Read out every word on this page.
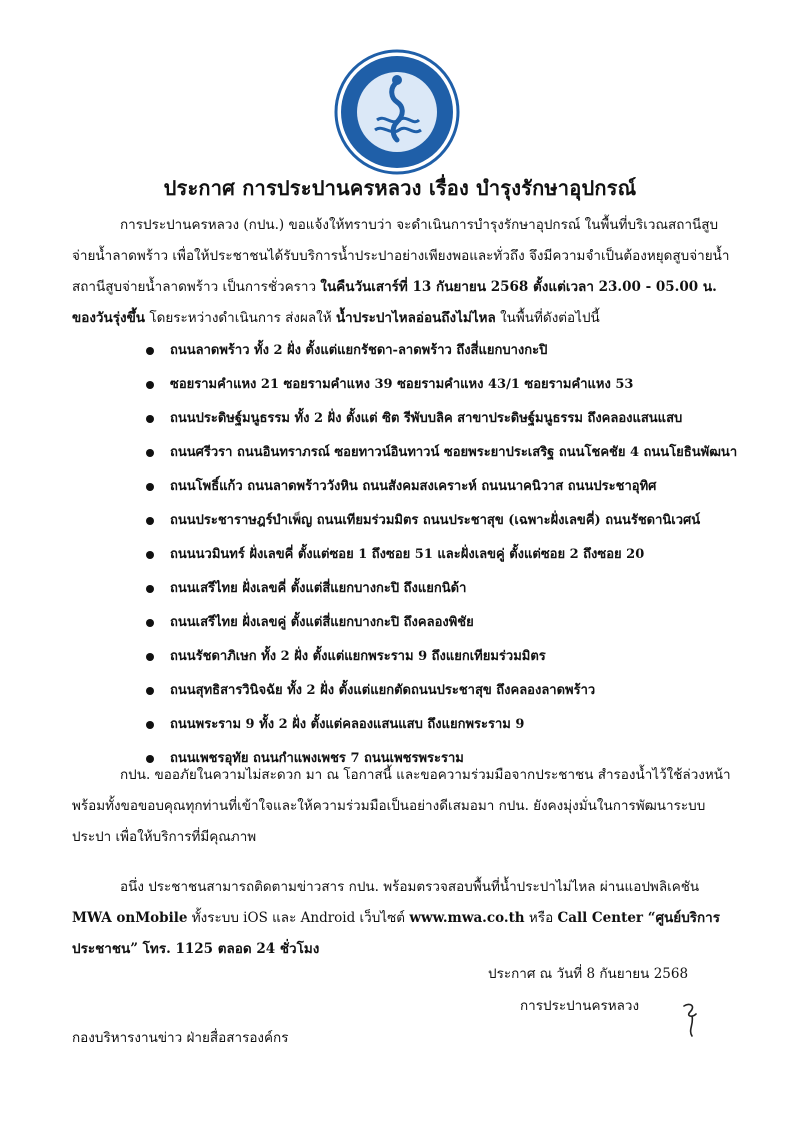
ประกาศ การประปานครหลวง เรื่อง บำรุงรักษาอุปกรณ์
การประปานครหลวง (กปน.) ขอแจ้งให้ทราบว่า จะดำเนินการบำรุงรักษาอุปกรณ์ ในพื้นที่บริเวณสถานีสูบจ่ายน้ำลาดพร้าว เพื่อให้ประชาชนได้รับบริการน้ำประปาอย่างเพียงพอและทั่วถึง จึงมีความจำเป็นต้องหยุดสูบจ่ายน้ำสถานีสูบจ่ายน้ำลาดพร้าว เป็นการชั่วคราว ในคืนวันเสาร์ที่ 13 กันยายน 2568 ตั้งแต่เวลา 23.00 - 05.00 น. ของวันรุ่งขึ้น โดยระหว่างดำเนินการ ส่งผลให้ น้ำประปาไหลอ่อนถึงไม่ไหล ในพื้นที่ดังต่อไปนี้
ถนนลาดพร้าว ทั้ง 2 ฝั่ง ตั้งแต่แยกรัชดา-ลาดพร้าว ถึงสี่แยกบางกะปิ
ซอยรามคำแหง 21 ซอยรามคำแหง 39 ซอยรามคำแหง 43/1 ซอยรามคำแหง 53
ถนนประดิษฐ์มนูธรรม ทั้ง 2 ฝั่ง ตั้งแต่ ซิต รีพับบลิค สาขาประดิษฐ์มนูธรรม ถึงคลองแสนแสบ
ถนนศรีวรา ถนนอินทราภรณ์ ซอยทาวน์อินทาวน์ ซอยพระยาประเสริฐ ถนนโชคชัย 4 ถนนโยธินพัฒนา
ถนนโพธิ์แก้ว ถนนลาดพร้าววังหิน ถนนสังคมสงเคราะห์ ถนนนาคนิวาส ถนนประชาอุทิศ
ถนนประชาราษฎร์บำเพ็ญ ถนนเทียมร่วมมิตร ถนนประชาสุข (เฉพาะฝั่งเลขคี่) ถนนรัชดานิเวศน์
ถนนนวมินทร์ ฝั่งเลขคี่ ตั้งแต่ซอย 1 ถึงซอย 51 และฝั่งเลขคู่ ตั้งแต่ซอย 2 ถึงซอย 20
ถนนเสรีไทย ฝั่งเลขคี่ ตั้งแต่สี่แยกบางกะปิ ถึงแยกนิด้า
ถนนเสรีไทย ฝั่งเลขคู่ ตั้งแต่สี่แยกบางกะปิ ถึงคลองพิชัย
ถนนรัชดาภิเษก ทั้ง 2 ฝั่ง ตั้งแต่แยกพระราม 9 ถึงแยกเทียมร่วมมิตร
ถนนสุทธิสารวินิจฉัย ทั้ง 2 ฝั่ง ตั้งแต่แยกตัดถนนประชาสุข ถึงคลองลาดพร้าว
ถนนพระราม 9 ทั้ง 2 ฝั่ง ตั้งแต่คลองแสนแสบ ถึงแยกพระราม 9
ถนนเพชรอุทัย ถนนกำแพงเพชร 7 ถนนเพชรพระราม
กปน. ขออภัยในความไม่สะดวก มา ณ โอกาสนี้ และขอความร่วมมือจากประชาชน สำรองน้ำไว้ใช้ล่วงหน้า พร้อมทั้งขอขอบคุณทุกท่านที่เข้าใจและให้ความร่วมมือเป็นอย่างดีเสมอมา กปน. ยังคงมุ่งมั่นในการพัฒนาระบบประปา เพื่อให้บริการที่มีคุณภาพ
อนึ่ง ประชาชนสามารถติดตามข่าวสาร กปน. พร้อมตรวจสอบพื้นที่น้ำประปาไม่ไหล ผ่านแอปพลิเคชัน MWA onMobile ทั้งระบบ iOS และ Android เว็บไซต์ www.mwa.co.th หรือ Call Center “ศูนย์บริการประชาชน” โทร. 1125 ตลอด 24 ชั่วโมง
ประกาศ ณ วันที่ 8 กันยายน 2568
การประปานครหลวง
กองบริหารงานข่าว ฝ่ายสื่อสารองค์กร
